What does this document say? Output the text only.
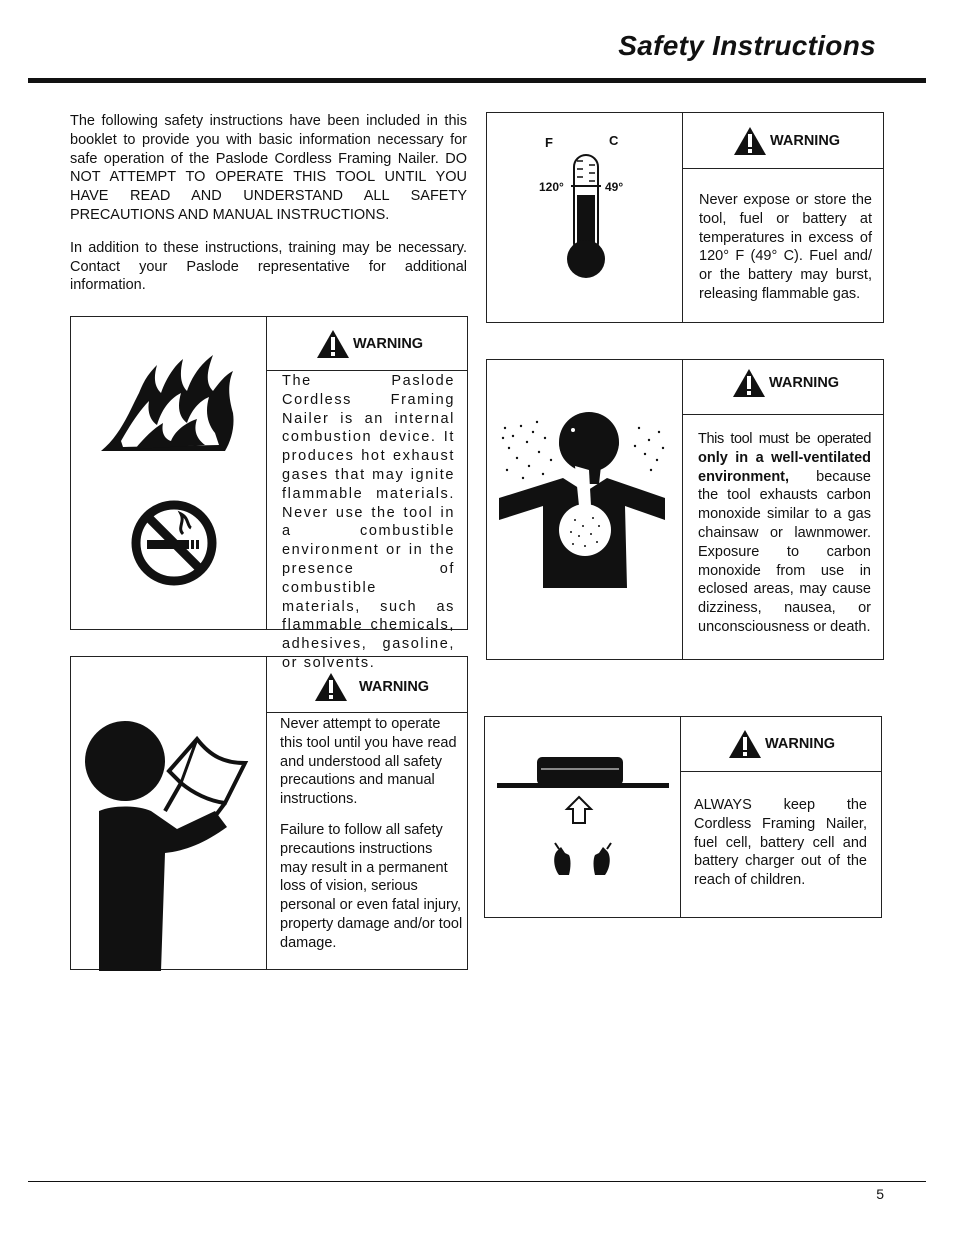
Safety Instructions

The following safety instructions have been included in this booklet to provide you with basic information necessary for safe operation of the Paslode Cordless Framing Nailer. DO NOT ATTEMPT TO OPERATE THIS TOOL UNTIL YOU HAVE READ AND UNDERSTAND ALL SAFETY PRECAUTIONS AND MANUAL INSTRUCTIONS.

In addition to these instructions, training may be necessary. Contact your Paslode representative for additional information.

WARNING
The Paslode Cordless Framing Nailer is an internal combustion device. It produces hot exhaust gases that may ignite flammable materials. Never use the tool in a combustible environment or in the presence of combustible materials, such as flammable chemicals, adhesives, gasoline, or solvents.
WARNING

Never attempt to operate this tool until you have read and understood all safety precautions and manual instructions.

Failure to follow all safety precautions instructions may result in a permanent loss of vision, serious personal or even fatal injury, property damage and/or tool damage.

F	C
120°	49°
WARNING
Never expose or store the tool, fuel or battery at temperatures in excess of 120° F (49° C). Fuel and/ or the battery may burst, releasing flammable gas.
WARNING
This tool must be operated only in a well-ventilated environment, because the tool exhausts carbon monoxide similar to a gas chainsaw or lawnmower. Exposure to carbon monoxide from use in eclosed areas, may cause dizziness, nausea, or unconsciousness or death.
WARNING
ALWAYS keep the Cordless Framing Nailer, fuel cell, battery cell and battery charger out of the reach of children.
5
